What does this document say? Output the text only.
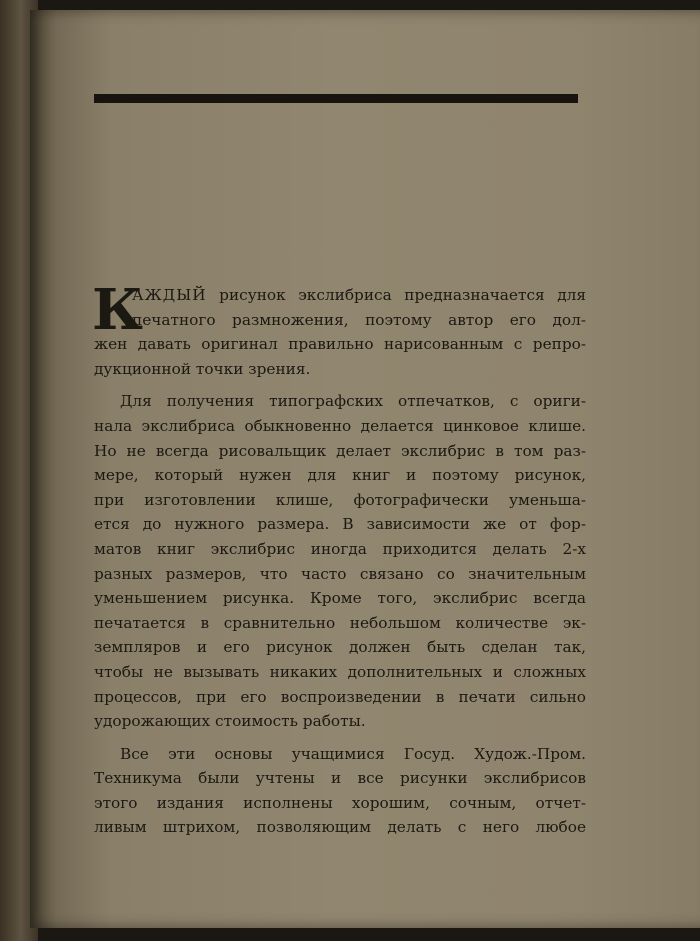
К
АЖДЫЙ рисунок экслибриса предназначается для
печатного размножения, поэтому автор его дол-
жен давать оригинал правильно нарисованным с репро-
дукционной точки зрения.
Для получения типографских отпечатков, с ориги-
нала экслибриса обыкновенно делается цинковое клише.
Но не всегда рисовальщик делает экслибрис в том раз-
мере, который нужен для книг и поэтому рисунок,
при изготовлении клише, фотографически уменьша-
ется до нужного размера. В зависимости же от фор-
матов книг экслибрис иногда приходится делать 2-х
разных размеров, что часто связано со значительным
уменьшением рисунка. Кроме того, экслибрис всегда
печатается в сравнительно небольшом количестве эк-
земпляров и его рисунок должен быть сделан так,
чтобы не вызывать никаких дополнительных и сложных
процессов, при его воспроизведении в печати сильно
удорожающих стоимость работы.
Все эти основы учащимися Госуд. Худож.-Пром.
Техникума были учтены и все рисунки экслибрисов
этого издания исполнены хорошим, сочным, отчет-
ливым штрихом, позволяющим делать с него любое
